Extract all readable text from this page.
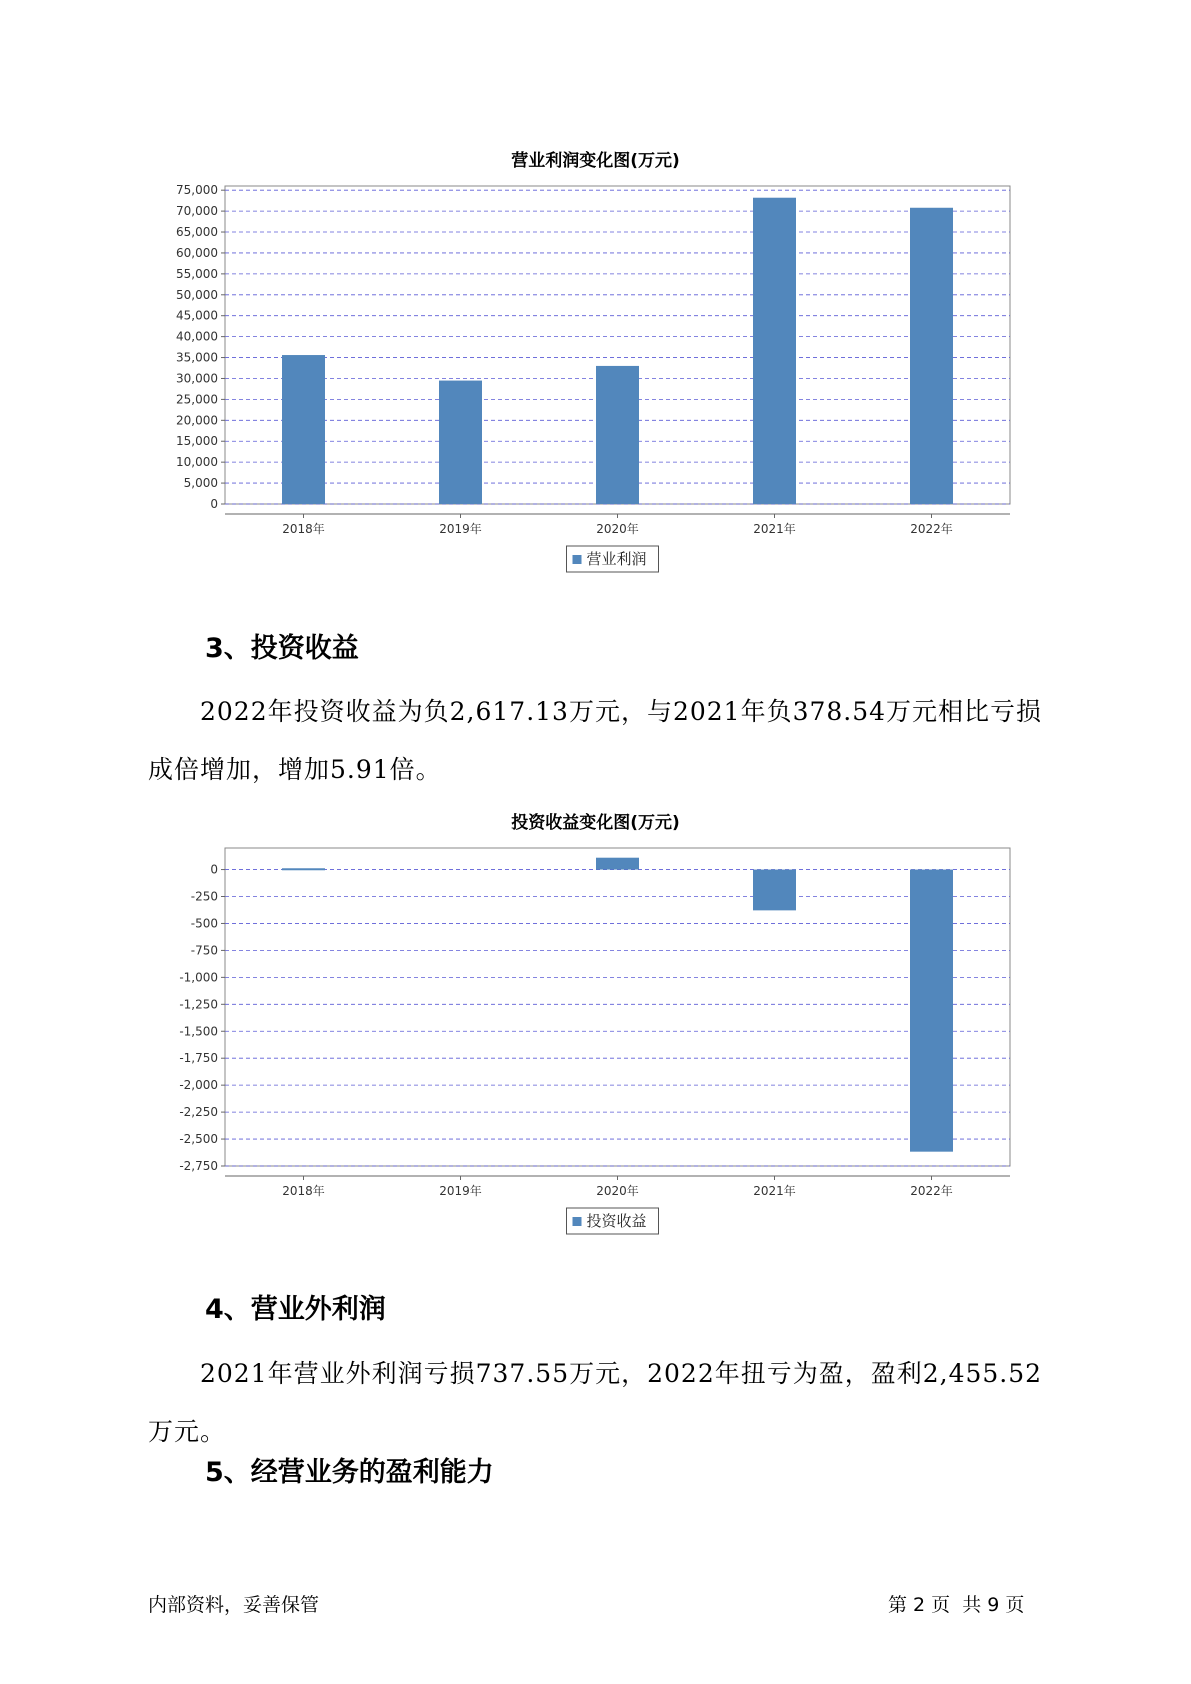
营业利润变化图(万元)
0
5,000
10,000
15,000
20,000
25,000
30,000
35,000
40,000
45,000
50,000
55,000
60,000
65,000
70,000
75,000
2018年	2019年	2020年	2021年	2022年
营业利润
3、投资收益

2022年投资收益为负2,617.13万元，与2021年负378.54万元相比亏损成倍增加，增加5.91倍。

投资收益变化图(万元)
0
-250
-500
-750
-1,000
-1,250
-1,500
-1,750
-2,000
-2,250
-2,500
-2,750
2018年	2019年	2020年	2021年	2022年
投资收益
4、营业外利润

2021年营业外利润亏损737.55万元，2022年扭亏为盈，盈利2,455.52万元。

5、经营业务的盈利能力
内部资料，妥善保管	第 2 页  共 9 页
